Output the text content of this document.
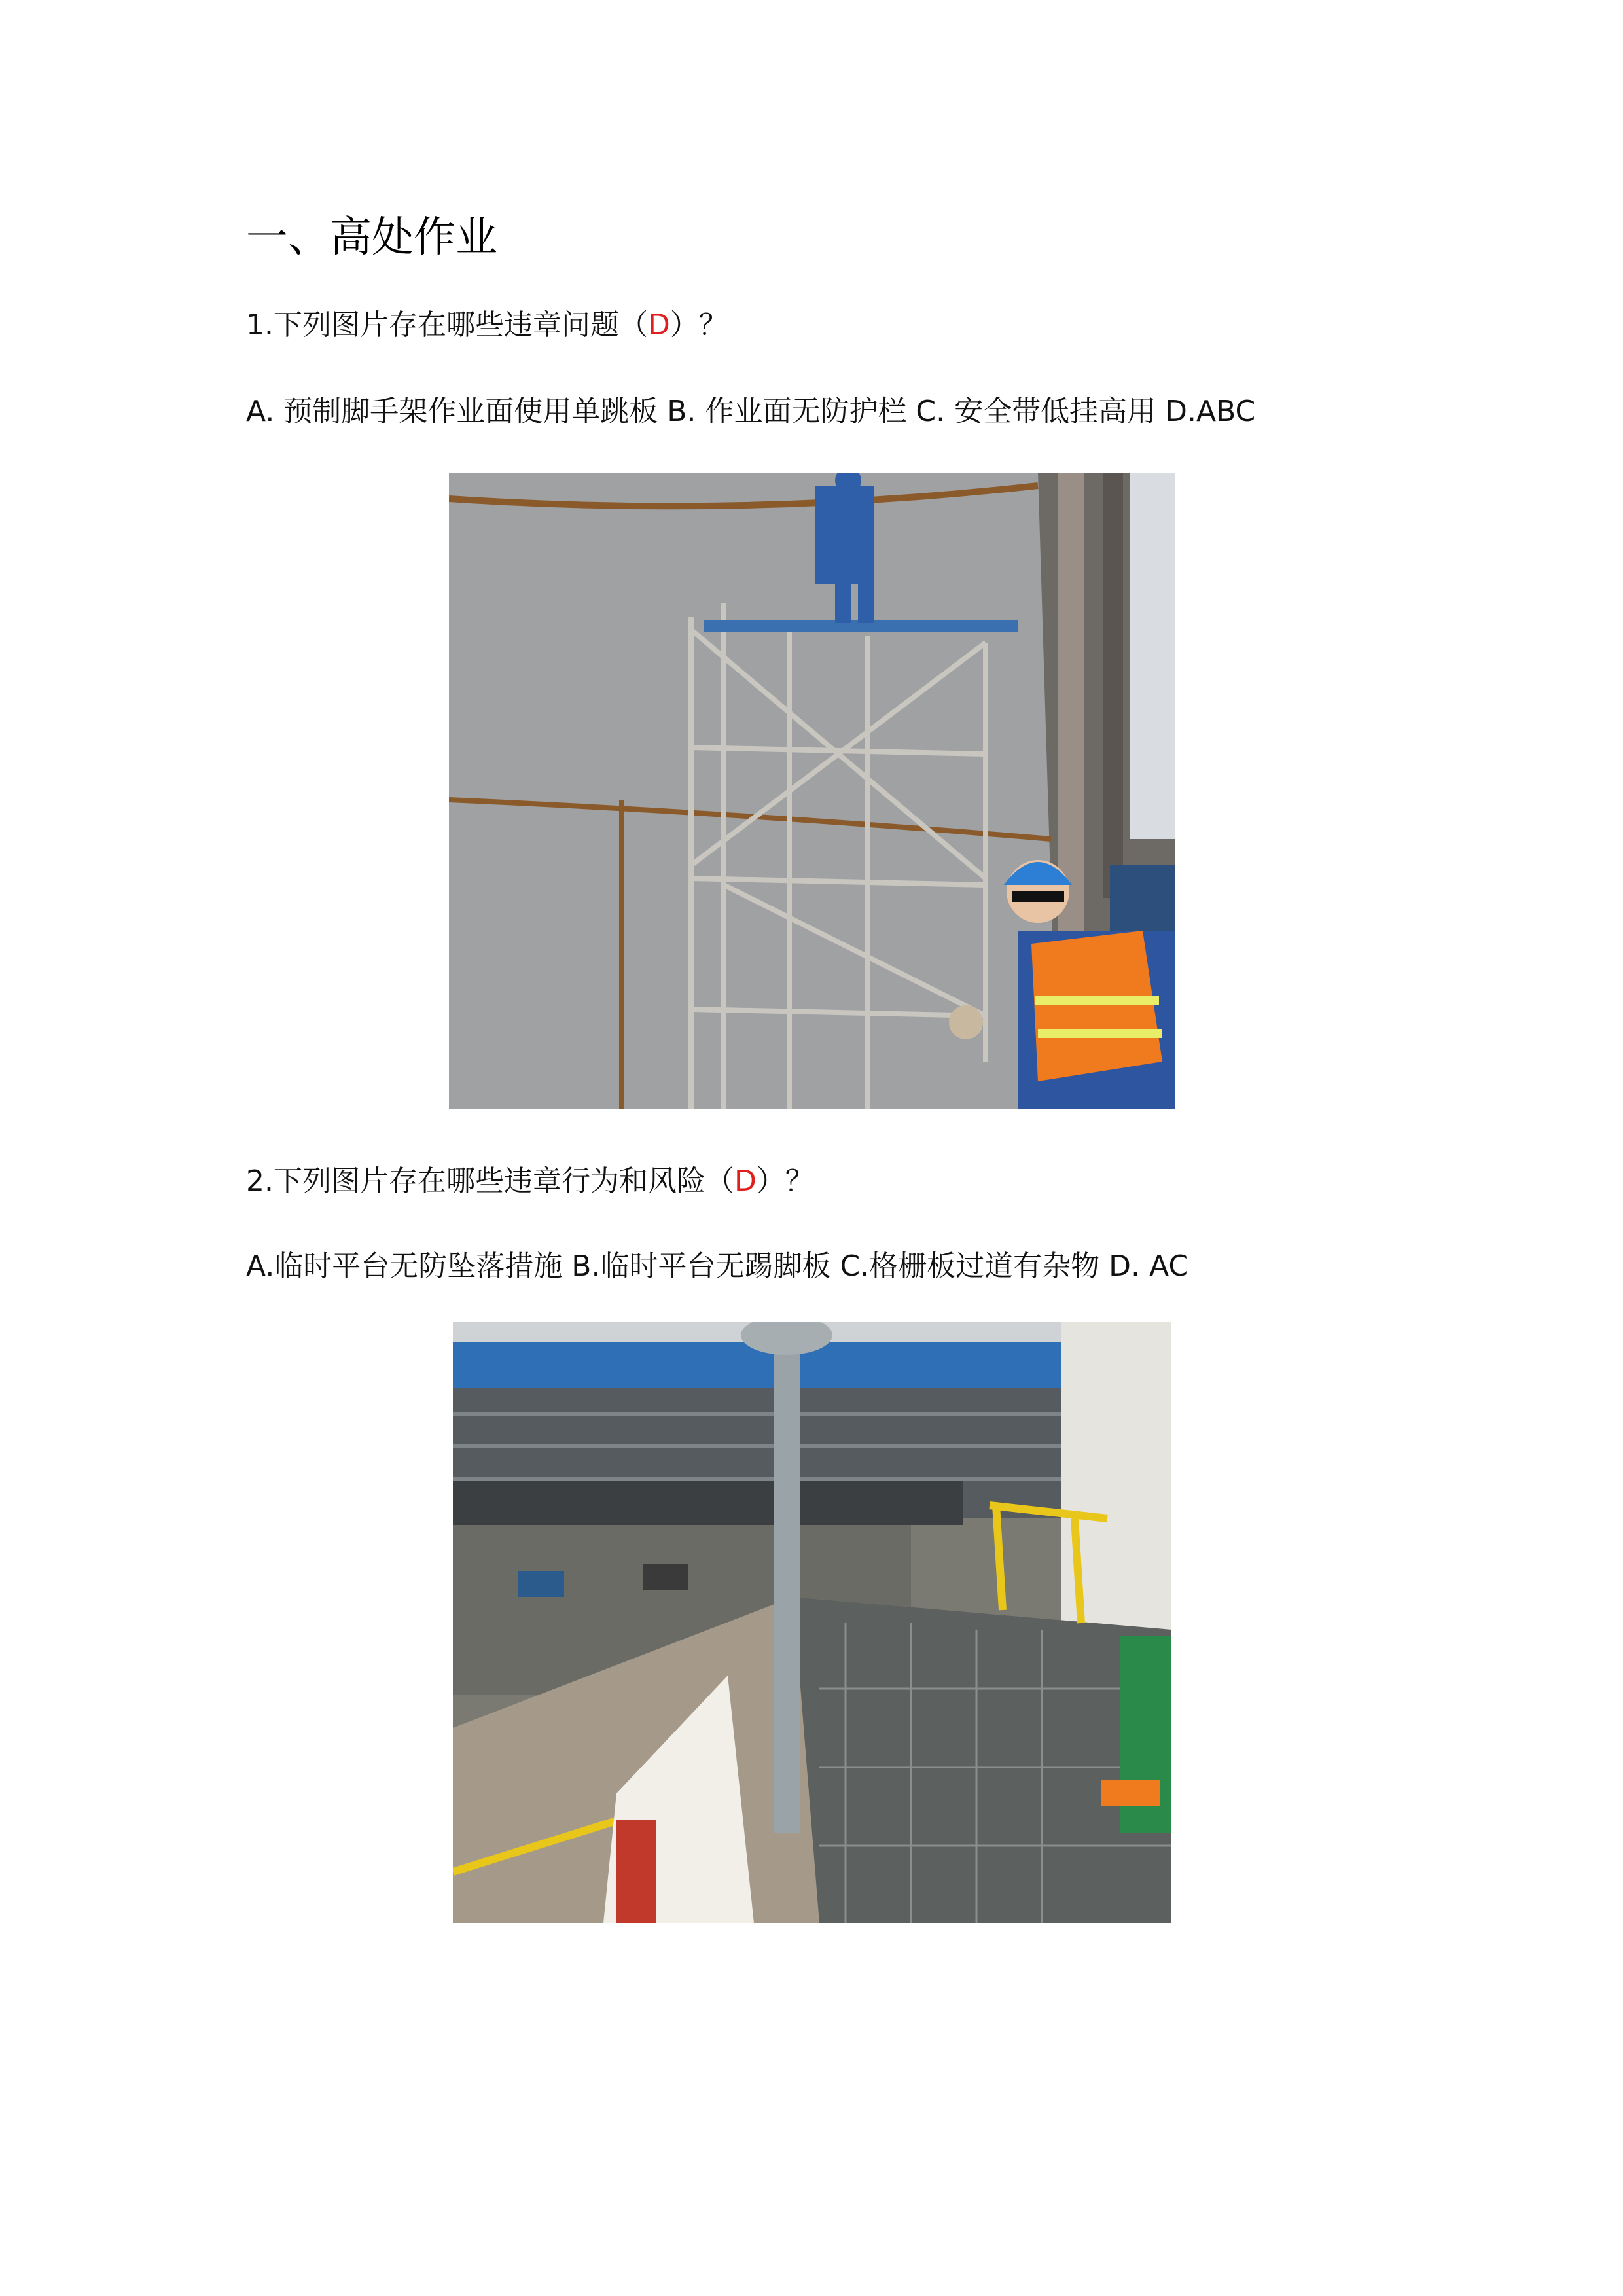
一、高处作业
1.下列图片存在哪些违章问题（D）？
A. 预制脚手架作业面使用单跳板 B. 作业面无防护栏 C. 安全带低挂高用 D.ABC
2.下列图片存在哪些违章行为和风险（D）？
A.临时平台无防坠落措施 B.临时平台无踢脚板 C.格栅板过道有杂物 D. AC
